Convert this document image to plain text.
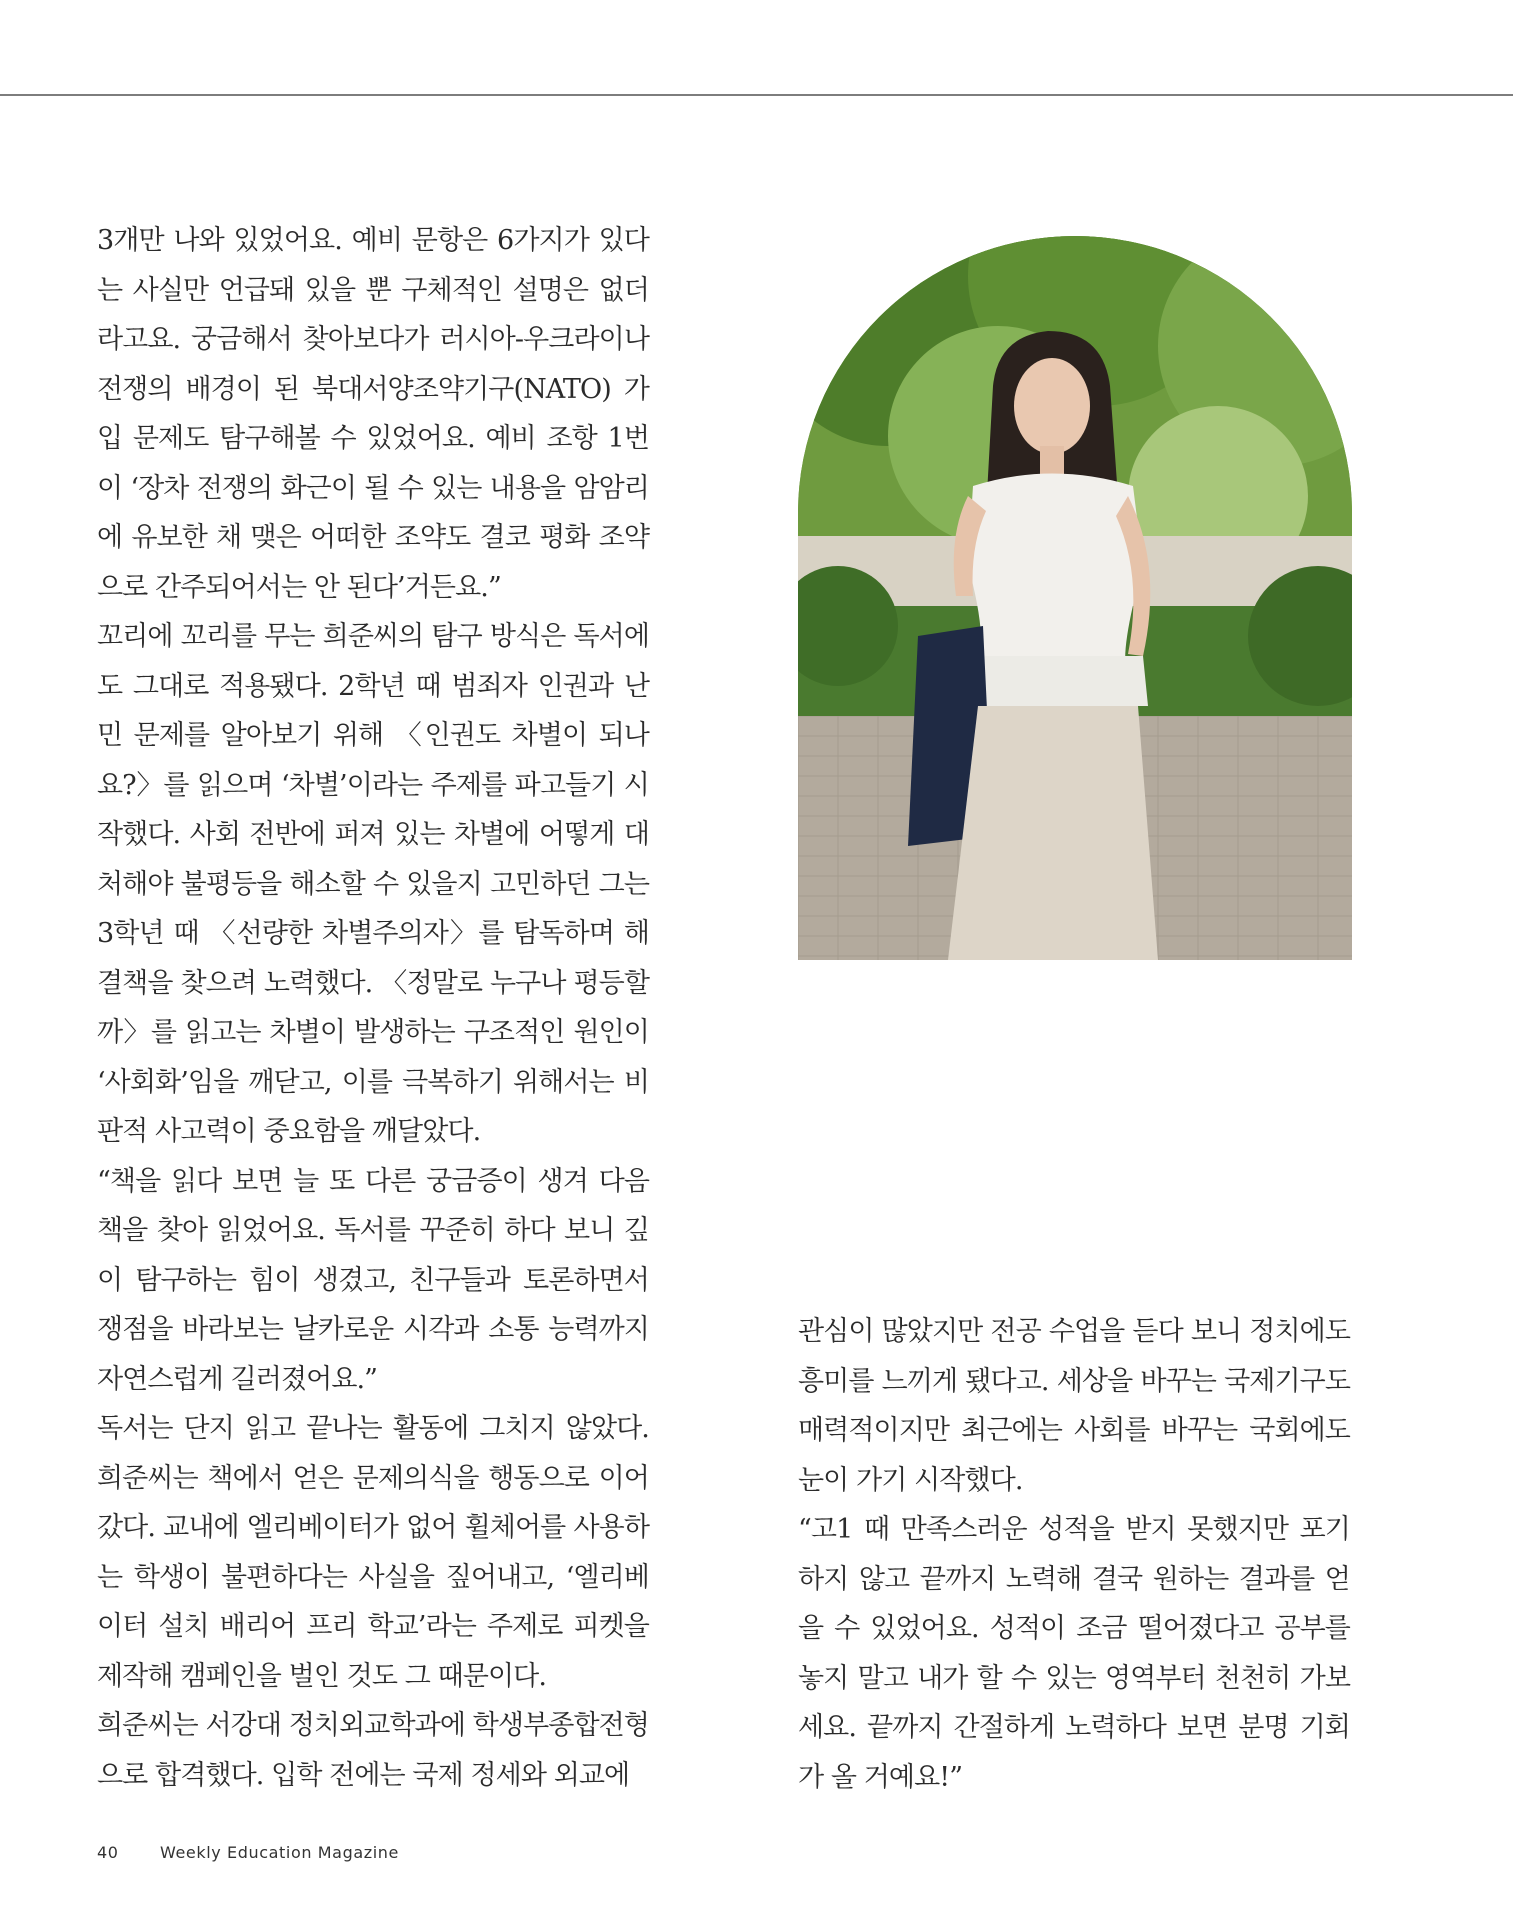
3개만 나와 있었어요. 예비 문항은 6가지가 있다는 사실만 언급돼 있을 뿐 구체적인 설명은 없더라고요. 궁금해서 찾아보다가 러시아-우크라이나 전쟁의 배경이 된 북대서양조약기구(NATO) 가입 문제도 탐구해볼 수 있었어요. 예비 조항 1번이 ‘장차 전쟁의 화근이 될 수 있는 내용을 암암리에 유보한 채 맺은 어떠한 조약도 결코 평화 조약으로 간주되어서는 안 된다’거든요.”

꼬리에 꼬리를 무는 희준씨의 탐구 방식은 독서에도 그대로 적용됐다. 2학년 때 범죄자 인권과 난민 문제를 알아보기 위해 〈인권도 차별이 되나요?〉를 읽으며 ‘차별’이라는 주제를 파고들기 시작했다. 사회 전반에 퍼져 있는 차별에 어떻게 대처해야 불평등을 해소할 수 있을지 고민하던 그는 3학년 때 〈선량한 차별주의자〉를 탐독하며 해결책을 찾으려 노력했다. 〈정말로 누구나 평등할까〉를 읽고는 차별이 발생하는 구조적인 원인이 ‘사회화’임을 깨닫고, 이를 극복하기 위해서는 비판적 사고력이 중요함을 깨달았다.

“책을 읽다 보면 늘 또 다른 궁금증이 생겨 다음 책을 찾아 읽었어요. 독서를 꾸준히 하다 보니 깊이 탐구하는 힘이 생겼고, 친구들과 토론하면서 쟁점을 바라보는 날카로운 시각과 소통 능력까지 자연스럽게 길러졌어요.”

독서는 단지 읽고 끝나는 활동에 그치지 않았다. 희준씨는 책에서 얻은 문제의식을 행동으로 이어갔다. 교내에 엘리베이터가 없어 휠체어를 사용하는 학생이 불편하다는 사실을 짚어내고, ‘엘리베이터 설치 배리어 프리 학교’라는 주제로 피켓을 제작해 캠페인을 벌인 것도 그 때문이다.

희준씨는 서강대 정치외교학과에 학생부종합전형으로 합격했다. 입학 전에는 국제 정세와 외교에

관심이 많았지만 전공 수업을 듣다 보니 정치에도 흥미를 느끼게 됐다고. 세상을 바꾸는 국제기구도 매력적이지만 최근에는 사회를 바꾸는 국회에도 눈이 가기 시작했다.

“고1 때 만족스러운 성적을 받지 못했지만 포기하지 않고 끝까지 노력해 결국 원하는 결과를 얻을 수 있었어요. 성적이 조금 떨어졌다고 공부를 놓지 말고 내가 할 수 있는 영역부터 천천히 가보세요. 끝까지 간절하게 노력하다 보면 분명 기회가 올 거예요!”

40	Weekly Education Magazine
